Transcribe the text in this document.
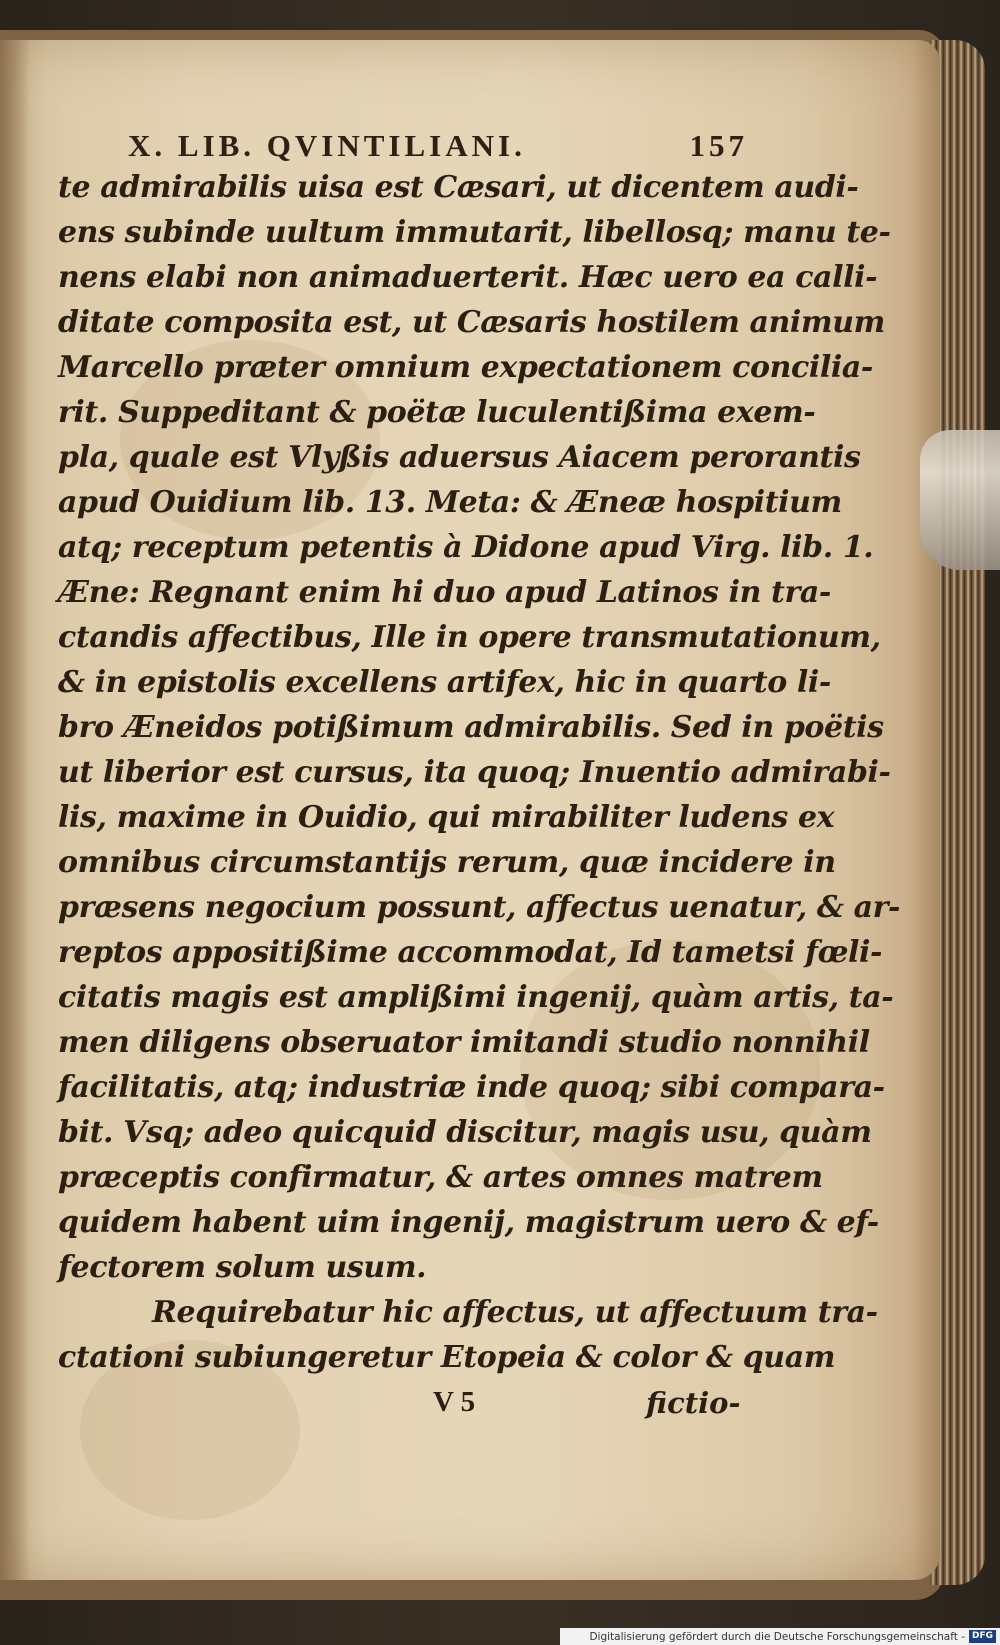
X. LIB. QVINTILIANI.	157
te admirabilis uisa est Cæsari, ut dicentem audi-
ens subinde uultum immutarit, libellosq; manu te-
nens elabi non animaduerterit. Hæc uero ea calli-
ditate composita est, ut Cæsaris hostilem animum
Marcello præter omnium expectationem concilia-
rit. Suppeditant & poëtæ luculentißima exem-
pla, quale est Vlyßis aduersus Aiacem perorantis
apud Ouidium lib. 13. Meta: & Æneæ hospitium
atq; receptum petentis à Didone apud Virg. lib. 1.
Æne: Regnant enim hi duo apud Latinos in tra-
ctandis affectibus, Ille in opere transmutationum,
& in epistolis excellens artifex, hic in quarto li-
bro Æneidos potißimum admirabilis. Sed in poëtis
ut liberior est cursus, ita quoq; Inuentio admirabi-
lis, maxime in Ouidio, qui mirabiliter ludens ex
omnibus circumstantijs rerum, quæ incidere in
præsens negocium possunt, affectus uenatur, & ar-
reptos appositißime accommodat, Id tametsi fœli-
citatis magis est amplißimi ingenij, quàm artis, ta-
men diligens obseruator imitandi studio nonnihil
facilitatis, atq; industriæ inde quoq; sibi compara-
bit. Vsq; adeo quicquid discitur, magis usu, quàm
præceptis confirmatur, & artes omnes matrem
quidem habent uim ingenij, magistrum uero & ef-
fectorem solum usum.
Requirebatur hic affectus, ut affectuum tra-
ctationi subiungeretur Etopeia & color & quam
V 5	fictio-
Digitalisierung gefördert durch die Deutsche Forschungsgemeinschaft - DFG
